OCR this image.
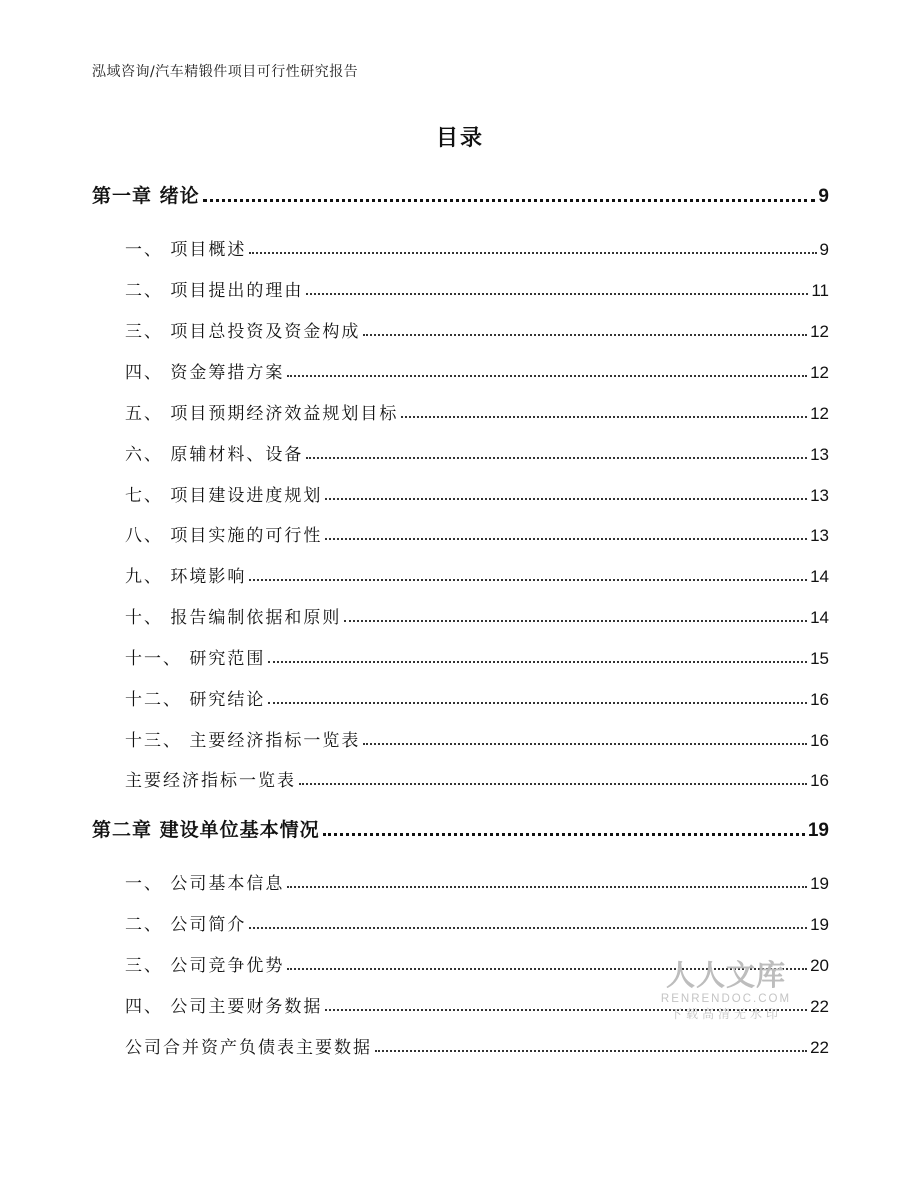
泓域咨询/汽车精锻件项目可行性研究报告
目录
第一章 绪论	9
一、 项目概述	9
二、 项目提出的理由	11
三、 项目总投资及资金构成	12
四、 资金筹措方案	12
五、 项目预期经济效益规划目标	12
六、 原辅材料、设备	13
七、 项目建设进度规划	13
八、 项目实施的可行性	13
九、 环境影响	14
十、 报告编制依据和原则	14
十一、 研究范围	15
十二、 研究结论	16
十三、 主要经济指标一览表	16
主要经济指标一览表	16
第二章 建设单位基本情况	19
一、 公司基本信息	19
二、 公司简介	19
三、 公司竞争优势	20
四、 公司主要财务数据	22
公司合并资产负债表主要数据	22
人人文库
RENRENDOC.COM
下载高清无水印
